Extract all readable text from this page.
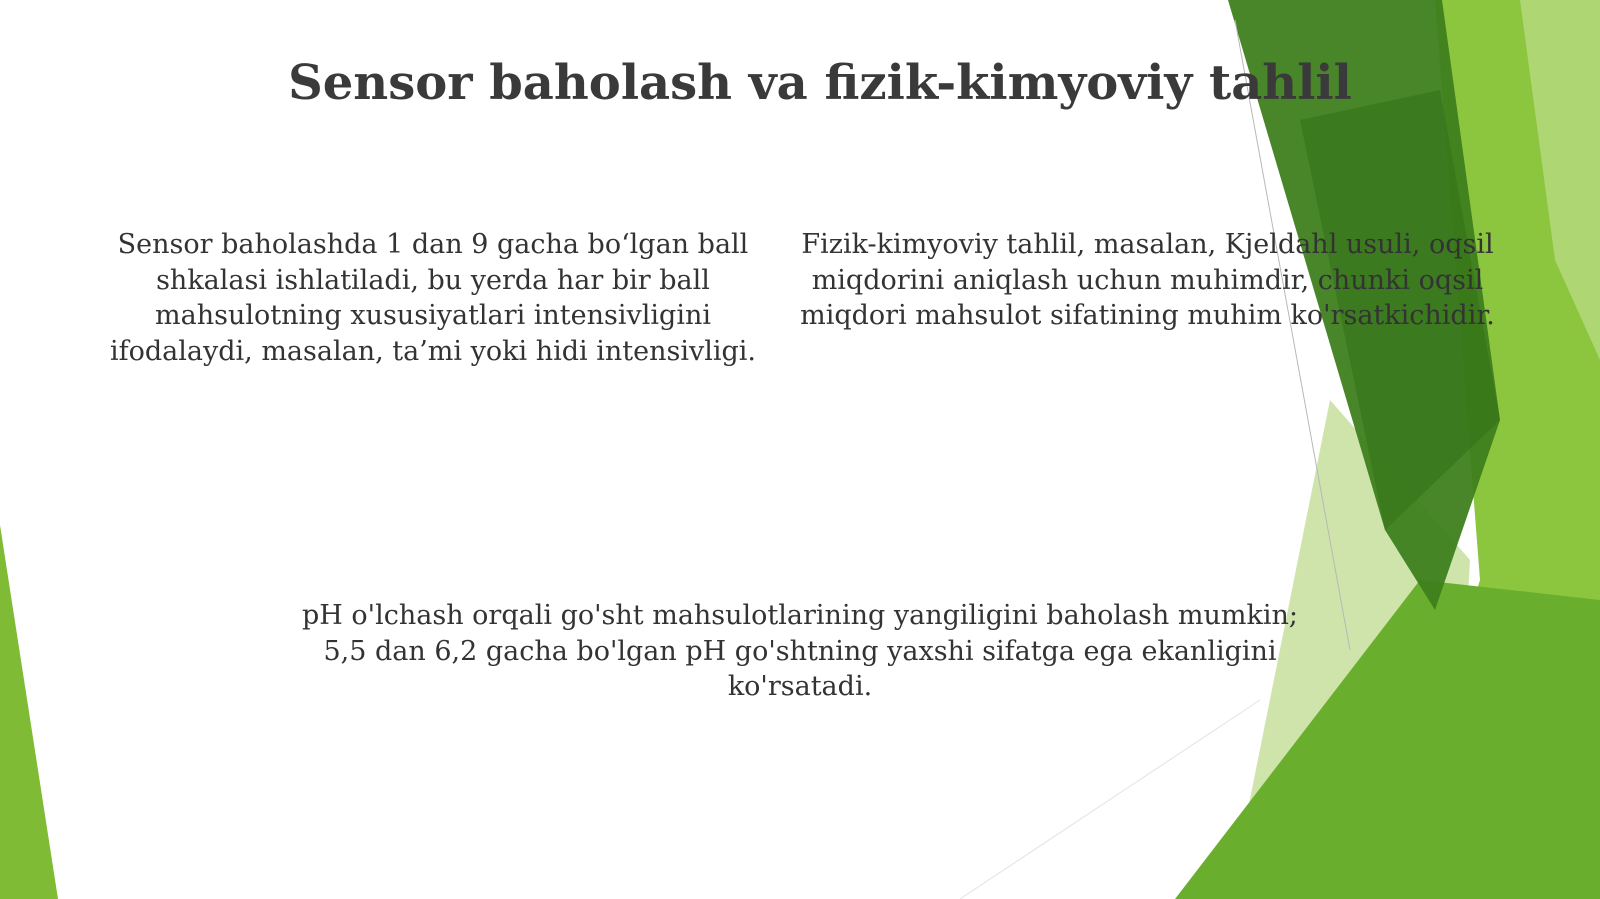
Sensor baholash va fizik-kimyoviy tahlil

Sensor baholashda 1 dan 9 gacha bo‘lgan ball shkalasi ishlatiladi, bu yerda har bir ball mahsulotning xususiyatlari intensivligini ifodalaydi, masalan, ta’mi yoki hidi intensivligi.

Fizik-kimyoviy tahlil, masalan, Kjeldahl usuli, oqsil miqdorini aniqlash uchun muhimdir, chunki oqsil miqdori mahsulot sifatining muhim ko'rsatkichidir.

pH o'lchash orqali go'sht mahsulotlarining yangiligini baholash mumkin; 5,5 dan 6,2 gacha bo'lgan pH go'shtning yaxshi sifatga ega ekanligini ko'rsatadi.
